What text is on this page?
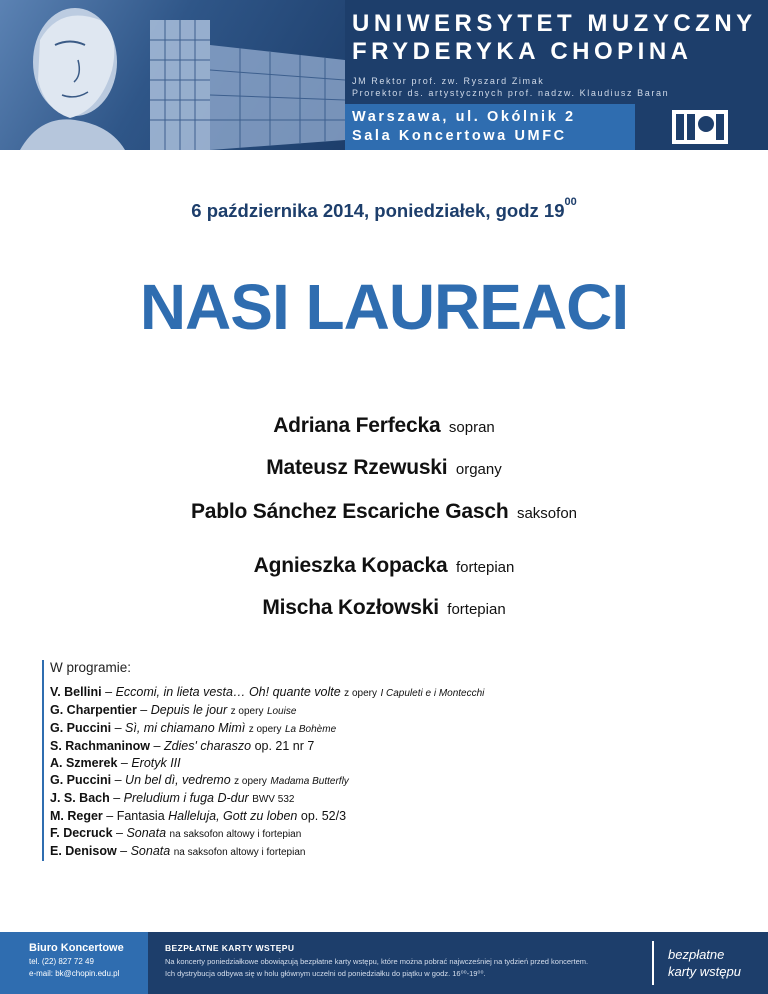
UNIWERSYTET MUZYCZNY
FRYDERYKA CHOPINA
JM Rektor prof. zw. Ryszard Zimak
Prorektor ds. artystycznych prof. nadzw. Klaudiusz Baran
Warszawa, ul. Okólnik 2
Sala Koncertowa UMFC
6 października 2014, poniedziałek, godz $19^{00}$
NASI LAUREACI
Adriana Ferfecka sopran
Mateusz Rzewuski organy
Pablo Sánchez Escariche Gasch saksofon
Agnieszka Kopacka fortepian
Mischa Kozłowski fortepian
W programie:
V. Bellini – Eccomi, in lieta vesta… Oh! quante volte z opery I Capuleti e i Montecchi
G. Charpentier – Depuis le jour z opery Louise
G. Puccini – Sì, mi chiamano Mimì z opery La Bohème
S. Rachmaninow – Zdies' charaszo op. 21 nr 7
A. Szmerek – Erotyk III
G. Puccini – Un bel dì, vedremo z opery Madama Butterfly
J. S. Bach – Preludium i fuga D-dur BWV 532
M. Reger – Fantasia Halleluja, Gott zu loben op. 52/3
F. Decruck – Sonata na saksofon altowy i fortepian
E. Denisow – Sonata na saksofon altowy i fortepian
Biuro Koncertowe
tel. (22) 827 72 49
e-mail: bk@chopin.edu.pl
BEZPŁATNE KARTY WSTĘPU
Na koncerty poniedziałkowe obowiązują bezpłatne karty wstępu, które można pobrać najwcześniej na tydzień przed koncertem.
Ich dystrybucja odbywa się w holu głównym uczelni od poniedziałku do piątku w godz. 16⁰⁰-19⁰⁰.
bezpłatne
karty wstępu
